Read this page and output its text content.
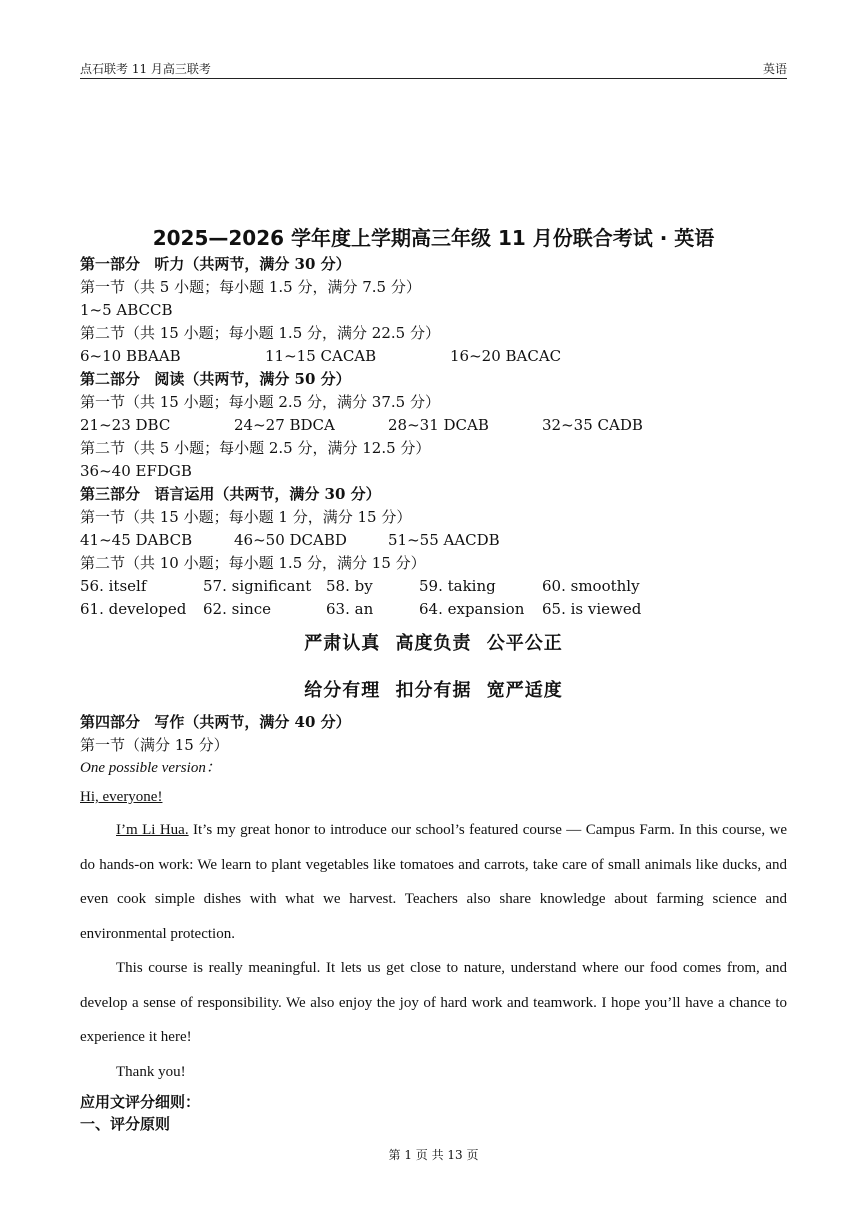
点石联考 11 月高三联考	英语
2025—2026 学年度上学期高三年级 11 月份联合考试 · 英语
第一部分 听力（共两节，满分 30 分）
第一节（共 5 小题；每小题 1.5 分，满分 7.5 分）
1~5 ABCCB
第二节（共 15 小题；每小题 1.5 分，满分 22.5 分）
6~10 BBAAB	11~15 CACAB	16~20 BACAC
第二部分 阅读（共两节，满分 50 分）
第一节（共 15 小题；每小题 2.5 分，满分 37.5 分）
21~23 DBC	24~27 BDCA	28~31 DCAB	32~35 CADB
第二节（共 5 小题；每小题 2.5 分，满分 12.5 分）
36~40 EFDGB
第三部分 语言运用（共两节，满分 30 分）
第一节（共 15 小题；每小题 1 分，满分 15 分）
41~45 DABCB	46~50 DCABD	51~55 AACDB
第二节（共 10 小题；每小题 1.5 分，满分 15 分）
56. itself	57. significant 58. by	59. taking	60. smoothly
61. developed 62. since	63. an	64. expansion 65. is viewed
严肃认真 高度负责 公平公正
给分有理 扣分有据 宽严适度
第四部分 写作（共两节，满分 40 分）
第一节（满分 15 分）
One possible version：
Hi, everyone!

I’m Li Hua. It’s my great honor to introduce our school’s featured course — Campus Farm. In this course, we do hands-on work: We learn to plant vegetables like tomatoes and carrots, take care of small animals like ducks, and even cook simple dishes with what we harvest. Teachers also share knowledge about farming science and environmental protection.

This course is really meaningful. It lets us get close to nature, understand where our food comes from, and develop a sense of responsibility. We also enjoy the joy of hard work and teamwork. I hope you’ll have a chance to experience it here!

Thank you!

应用文评分细则：
一、评分原则
第 1 页 共 13 页
